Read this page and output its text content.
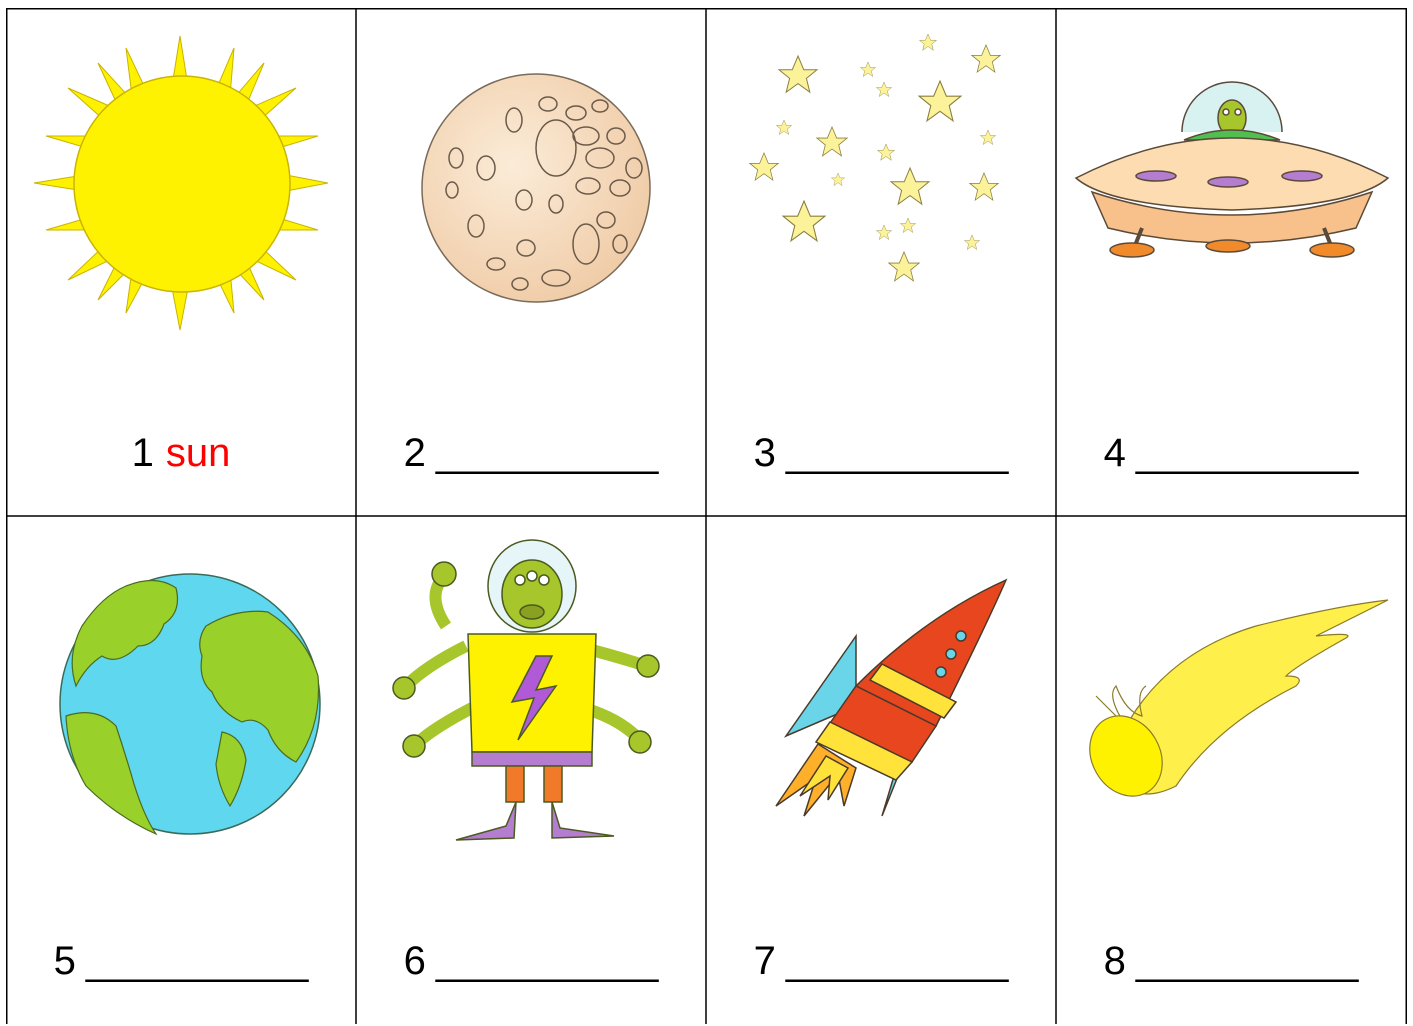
1 sun	2 __________ 3 __________ 4 __________
5 __________ 6 __________ 7 __________ 8 __________
